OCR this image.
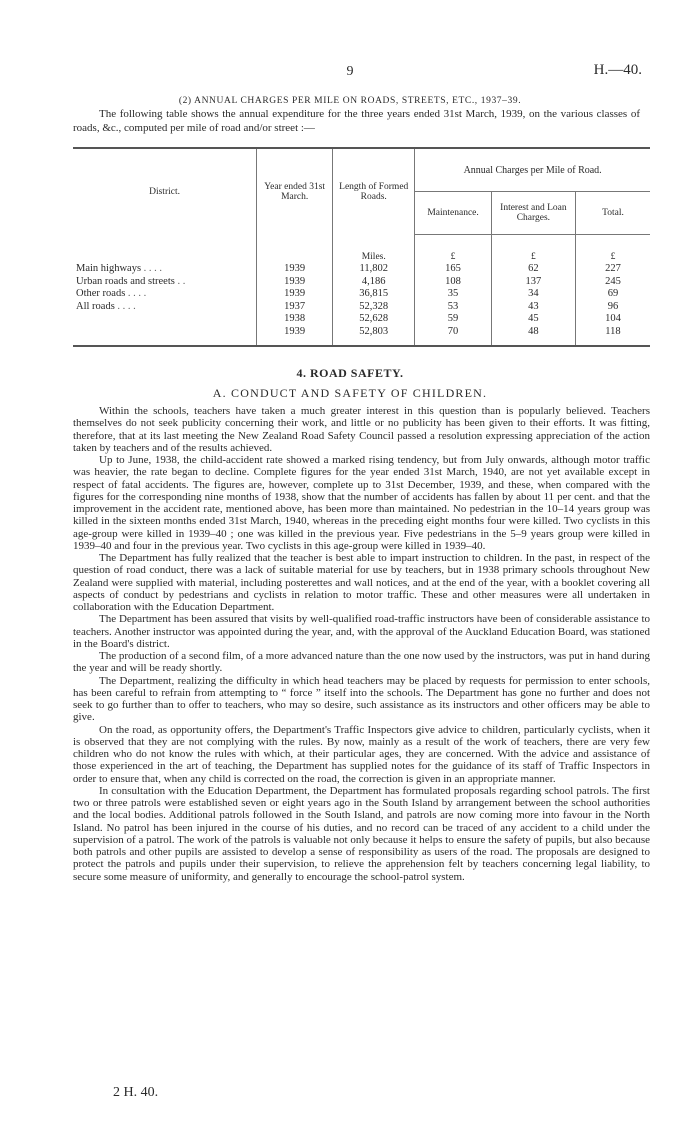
9	H.—40.
(2) ANNUAL CHARGES PER MILE ON ROADS, STREETS, ETC., 1937–39.

The following table shows the annual expenditure for the three years ended 31st March, 1939, on the various classes of roads, &c., computed per mile of road and/or street :—

District.	Year ended 31st March.	Length of Formed Roads.	Annual Charges per Mile of Road.		
			Maintenance.	Interest and Loan Charges.	Total.
		Miles.	£	£	£
Main highways . . . .	1939	11,802	165	62	227
Urban roads and streets . .	1939	4,186	108	137	245
Other roads . . . .	1939	36,815	35	34	69
All roads . . . .	1937	52,328	53	43	96
	1938	52,628	59	45	104
	1939	52,803	70	48	118
4. ROAD SAFETY.
A. CONDUCT AND SAFETY OF CHILDREN.

Within the schools, teachers have taken a much greater interest in this question than is popularly believed. Teachers themselves do not seek publicity concerning their work, and little or no publicity has been given to their efforts. It was fitting, therefore, that at its last meeting the New Zealand Road Safety Council passed a resolution expressing appreciation of the action taken by teachers and of the results achieved.

Up to June, 1938, the child-accident rate showed a marked rising tendency, but from July onwards, although motor traffic was heavier, the rate began to decline. Complete figures for the year ended 31st March, 1940, are not yet available except in respect of fatal accidents. The figures are, however, complete up to 31st December, 1939, and these, when compared with the figures for the corresponding nine months of 1938, show that the number of accidents has fallen by about 11 per cent. and that the improvement in the accident rate, mentioned above, has been more than maintained. No pedestrian in the 10–14 years group was killed in the sixteen months ended 31st March, 1940, whereas in the preceding eight months four were killed. Two cyclists in this age-group were killed in 1939–40 ; one was killed in the previous year. Five pedestrians in the 5–9 years group were killed in 1939–40 and four in the previous year. Two cyclists in this age-group were killed in 1939–40.

The Department has fully realized that the teacher is best able to impart instruction to children. In the past, in respect of the question of road conduct, there was a lack of suitable material for use by teachers, but in 1938 primary schools throughout New Zealand were supplied with material, including posterettes and wall notices, and at the end of the year, with a booklet covering all aspects of conduct by pedestrians and cyclists in relation to motor traffic. These and other measures were all undertaken in collaboration with the Education Department.

The Department has been assured that visits by well-qualified road-traffic instructors have been of considerable assistance to teachers. Another instructor was appointed during the year, and, with the approval of the Auckland Education Board, was stationed in the Board's district.

The production of a second film, of a more advanced nature than the one now used by the instructors, was put in hand during the year and will be ready shortly.

The Department, realizing the difficulty in which head teachers may be placed by requests for permission to enter schools, has been careful to refrain from attempting to “ force ” itself into the schools. The Department has gone no further and does not seek to go further than to offer to teachers, who may so desire, such assistance as its instructors and other officers may be able to give.

On the road, as opportunity offers, the Department's Traffic Inspectors give advice to children, particularly cyclists, when it is observed that they are not complying with the rules. By now, mainly as a result of the work of teachers, there are very few children who do not know the rules with which, at their particular ages, they are concerned. With the advice and assistance of those experienced in the art of teaching, the Department has supplied notes for the guidance of its staff of Traffic Inspectors in order to ensure that, when any child is corrected on the road, the correction is given in an appropriate manner.

In consultation with the Education Department, the Department has formulated proposals regarding school patrols. The first two or three patrols were established seven or eight years ago in the South Island by arrangement between the school authorities and the local bodies. Additional patrols followed in the South Island, and patrols are now coming more into favour in the North Island. No patrol has been injured in the course of his duties, and no record can be traced of any accident to a child under the supervision of a patrol. The work of the patrols is valuable not only because it helps to ensure the safety of pupils, but also because both patrols and other pupils are assisted to develop a sense of responsibility as users of the road. The proposals are designed to protect the patrols and pupils under their supervision, to relieve the apprehension felt by teachers concerning legal liability, to secure some measure of uniformity, and generally to encourage the school-patrol system.

2 H. 40.
